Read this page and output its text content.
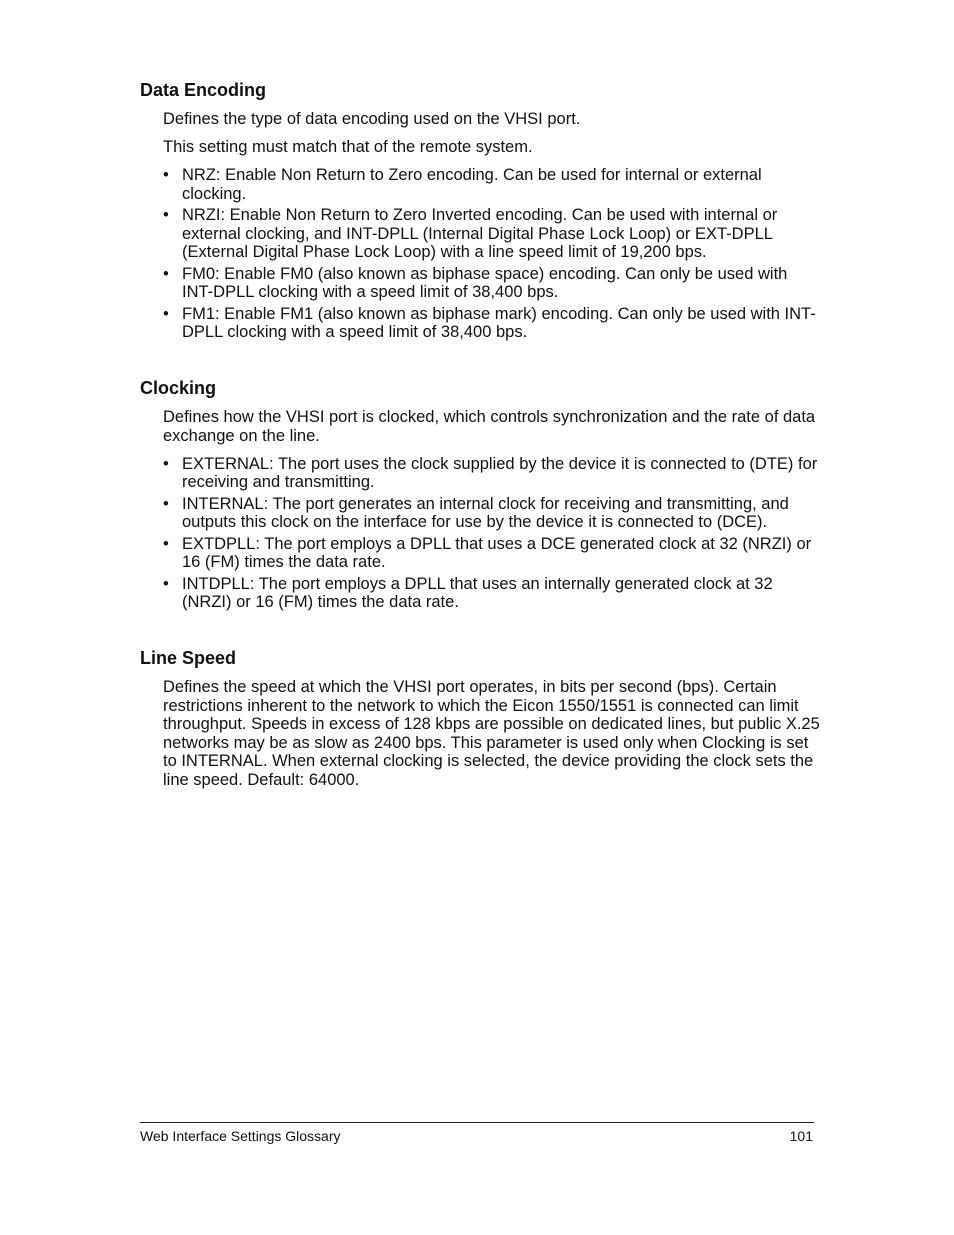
Data Encoding

Defines the type of data encoding used on the VHSI port.

This setting must match that of the remote system.

• NRZ: Enable Non Return to Zero encoding. Can be used for internal or external clocking.
• NRZI: Enable Non Return to Zero Inverted encoding. Can be used with internal or external clocking, and INT-DPLL (Internal Digital Phase Lock Loop) or EXT-DPLL (External Digital Phase Lock Loop) with a line speed limit of 19,200 bps.
• FM0: Enable FM0 (also known as biphase space) encoding. Can only be used with INT-DPLL clocking with a speed limit of 38,400 bps.
• FM1: Enable FM1 (also known as biphase mark) encoding. Can only be used with INT-DPLL clocking with a speed limit of 38,400 bps.
Clocking

Defines how the VHSI port is clocked, which controls synchronization and the rate of data exchange on the line.

• EXTERNAL: The port uses the clock supplied by the device it is connected to (DTE) for receiving and transmitting.
• INTERNAL: The port generates an internal clock for receiving and transmitting, and outputs this clock on the interface for use by the device it is connected to (DCE).
• EXTDPLL: The port employs a DPLL that uses a DCE generated clock at 32 (NRZI) or 16 (FM) times the data rate.
• INTDPLL: The port employs a DPLL that uses an internally generated clock at 32 (NRZI) or 16 (FM) times the data rate.
Line Speed

Defines the speed at which the VHSI port operates, in bits per second (bps). Certain restrictions inherent to the network to which the Eicon 1550/1551 is connected can limit throughput. Speeds in excess of 128 kbps are possible on dedicated lines, but public X.25 networks may be as slow as 2400 bps. This parameter is used only when Clocking is set to INTERNAL. When external clocking is selected, the device providing the clock sets the line speed. Default: 64000.

Web Interface Settings Glossary	101
